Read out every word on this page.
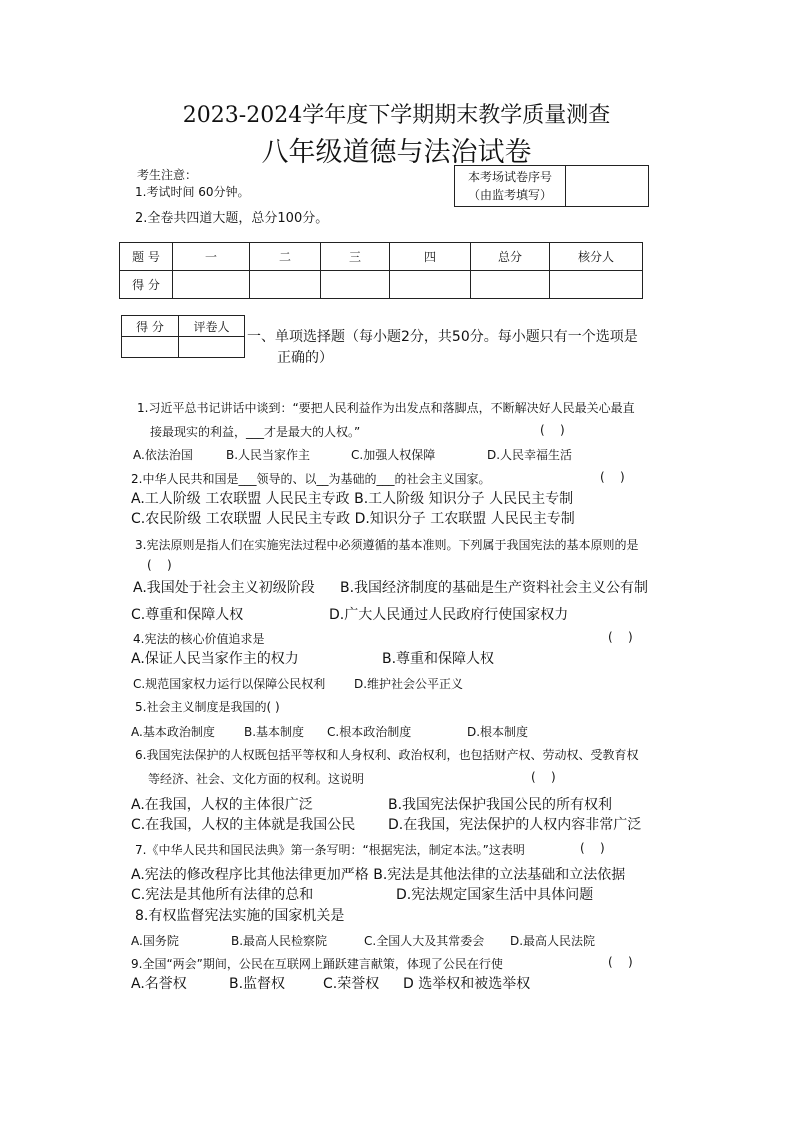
2023-2024学年度下学期期末教学质量测查
八年级道德与法治试卷
考生注意：
1.考试时间 60分钟。
2.全卷共四道大题，总分100分。
本考场试卷序号
（由监考填写）

题 号	一	二	三	四	总分	核分人
得 分						
得 分	评卷人

一、单项选择题（每小题2分，共50分。每小题只有一个选项是
正确的）
1.习近平总书记讲话中谈到：“要把人民利益作为出发点和落脚点，不断解决好人民最关心最直
接最现实的利益，___才是最大的人权。”	(    )
A.依法治国	B.人民当家作主	C.加强人权保障	D.人民幸福生活
2.中华人民共和国是___领导的、以__为基础的___的社会主义国家。	(    )
A.工人阶级 工农联盟 人民民主专政 B.工人阶级 知识分子 人民民主专制
C.农民阶级 工农联盟 人民民主专政 D.知识分子 工农联盟 人民民主专制
3.宪法原则是指人们在实施宪法过程中必须遵循的基本准则。下列属于我国宪法的基本原则的是
(    )
A.我国处于社会主义初级阶段 B.我国经济制度的基础是生产资料社会主义公有制
C.尊重和保障人权	D.广大人民通过人民政府行使国家权力
4.宪法的核心价值追求是	(    )
A.保证人民当家作主的权力	B.尊重和保障人权
C.规范国家权力运行以保障公民权利 D.维护社会公平正义
5.社会主义制度是我国的( )
A.基本政治制度 B.基本制度 C.根本政治制度	D.根本制度
6.我国宪法保护的人权既包括平等权和人身权利、政治权利，也包括财产权、劳动权、受教育权
等经济、社会、文化方面的权利。这说明	(    )
A.在我国，人权的主体很广泛	B.我国宪法保护我国公民的所有权利
C.在我国，人权的主体就是我国公民 D.在我国，宪法保护的人权内容非常广泛
7.《中华人民共和国民法典》第一条写明：“根据宪法，制定本法。”这表明	(    )
A.宪法的修改程序比其他法律更加严格 B.宪法是其他法律的立法基础和立法依据
C.宪法是其他所有法律的总和	D.宪法规定国家生活中具体问题
8.有权监督宪法实施的国家机关是
A.国务院	B.最高人民检察院	C.全国人大及其常委会 D.最高人民法院
9.全国“两会”期间，公民在互联网上踊跃建言献策，体现了公民在行使	(    )
A.名誉权	B.监督权	C.荣誉权 D 选举权和被选举权
